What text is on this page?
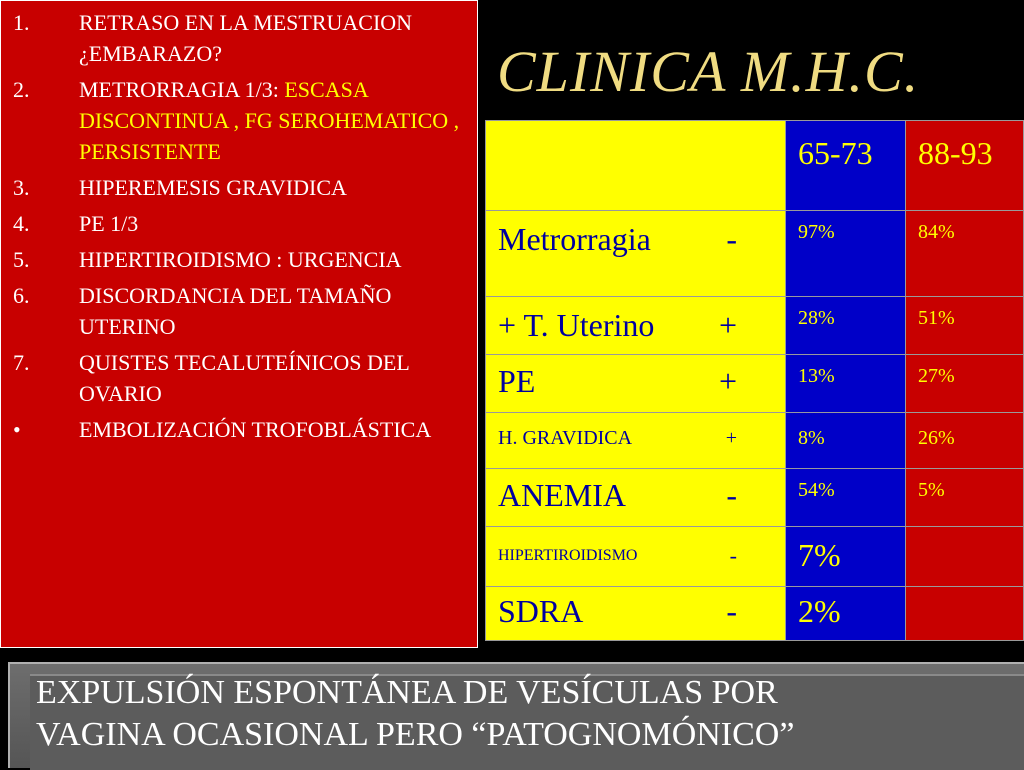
1.	RETRASO EN LA MESTRUACION ¿EMBARAZO?
2.	METRORRAGIA 1/3: ESCASA DISCONTINUA , FG SEROHEMATICO , PERSISTENTE
3.	HIPEREMESIS GRAVIDICA
4.	PE 1/3
5.	HIPERTIROIDISMO : URGENCIA
6.	DISCORDANCIA DEL TAMAÑO UTERINO
7.	QUISTES TECALUTEÍNICOS DEL OVARIO
•	EMBOLIZACIÓN TROFOBLÁSTICA
CLINICA M.H.C.

	65-73	88-93

Metrorragia -	97%	84%

+ T. Uterino +	28%	51%

PE +	13%	27%

H. GRAVIDICA +	8%	26%

ANEMIA -	54%	5%

HIPERTIROIDISMO -	7%	

SDRA -	2%	

EXPULSIÓN ESPONTÁNEA DE VESÍCULAS POR
VAGINA OCASIONAL PERO “PATOGNOMÓNICO”
